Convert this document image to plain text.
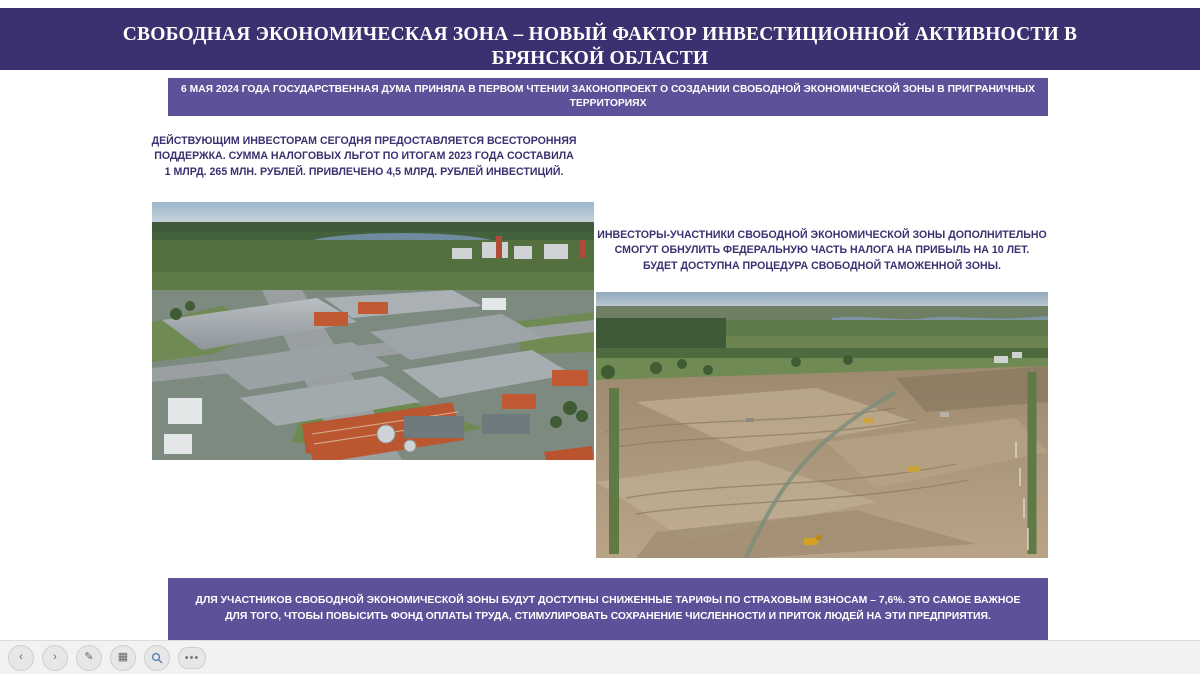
СВОБОДНАЯ ЭКОНОМИЧЕСКАЯ ЗОНА – НОВЫЙ ФАКТОР ИНВЕСТИЦИОННОЙ АКТИВНОСТИ В БРЯНСКОЙ ОБЛАСТИ
6 МАЯ 2024 ГОДА ГОСУДАРСТВЕННАЯ ДУМА ПРИНЯЛА В ПЕРВОМ ЧТЕНИИ ЗАКОНОПРОЕКТ О СОЗДАНИИ СВОБОДНОЙ ЭКОНОМИЧЕСКОЙ ЗОНЫ В ПРИГРАНИЧНЫХ ТЕРРИТОРИЯХ
ДЕЙСТВУЮЩИМ ИНВЕСТОРАМ СЕГОДНЯ ПРЕДОСТАВЛЯЕТСЯ ВСЕСТОРОННЯЯ ПОДДЕРЖКА. СУММА НАЛОГОВЫХ ЛЬГОТ ПО ИТОГАМ 2023 ГОДА СОСТАВИЛА 1 МЛРД. 265 МЛН. РУБЛЕЙ. ПРИВЛЕЧЕНО 4,5 МЛРД. РУБЛЕЙ ИНВЕСТИЦИЙ.
ИНВЕСТОРЫ-УЧАСТНИКИ СВОБОДНОЙ ЭКОНОМИЧЕСКОЙ ЗОНЫ ДОПОЛНИТЕЛЬНО СМОГУТ ОБНУЛИТЬ ФЕДЕРАЛЬНУЮ ЧАСТЬ НАЛОГА НА ПРИБЫЛЬ НА 10 ЛЕТ. БУДЕТ ДОСТУПНА ПРОЦЕДУРА СВОБОДНОЙ ТАМОЖЕННОЙ ЗОНЫ.
ДЛЯ УЧАСТНИКОВ СВОБОДНОЙ ЭКОНОМИЧЕСКОЙ ЗОНЫ БУДУТ ДОСТУПНЫ СНИЖЕННЫЕ ТАРИФЫ ПО СТРАХОВЫМ ВЗНОСАМ – 7,6%. ЭТО САМОЕ ВАЖНОЕ ДЛЯ ТОГО, ЧТОБЫ ПОВЫСИТЬ ФОНД ОПЛАТЫ ТРУДА, СТИМУЛИРОВАТЬ СОХРАНЕНИЕ ЧИСЛЕННОСТИ И ПРИТОК ЛЮДЕЙ НА ЭТИ ПРЕДПРИЯТИЯ.
‹	›	✎ ▦	•••
